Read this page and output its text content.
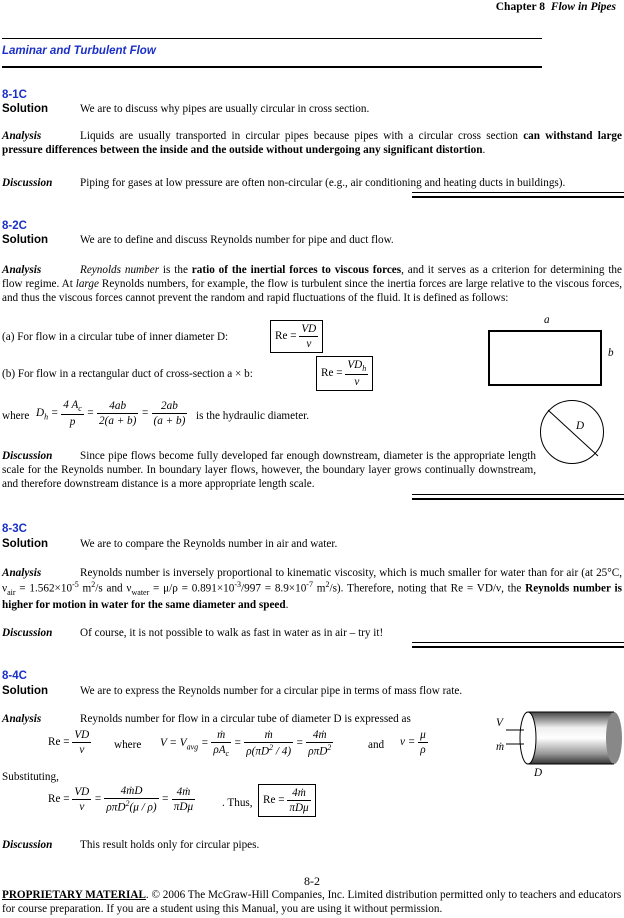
Chapter 8 Flow in Pipes
Laminar and Turbulent Flow
8-1C
Solution	We are to discuss why pipes are usually circular in cross section.
Analysis	Liquids are usually transported in circular pipes because pipes with a circular cross section can withstand large pressure differences between the inside and the outside without undergoing any significant distortion.
Discussion Piping for gases at low pressure are often non-circular (e.g., air conditioning and heating ducts in buildings).
8-2C
Solution	We are to define and discuss Reynolds number for pipe and duct flow.
Analysis	Reynolds number is the ratio of the inertial forces to viscous forces, and it serves as a criterion for determining the flow regime. At large Reynolds numbers, for example, the flow is turbulent since the inertia forces are large relative to the viscous forces, and thus the viscous forces cannot prevent the random and rapid fluctuations of the fluid. It is defined as follows:
(a) For flow in a circular tube of inner diameter D:	$Re = \frac{VD}{\nu}$
(b) For flow in a rectangular duct of cross-section a × b:	Re =
$VD_h$
ν
where $D_h = \frac{4 A_c}{p} = \frac{4ab}{2(a + b)} = \frac{2ab}{(a + b)}$ is the hydraulic diameter.
a
b
D
Discussion Since pipe flows become fully developed far enough downstream, diameter is the appropriate length scale for the Reynolds number. In boundary layer flows, however, the boundary layer grows continually downstream, and therefore downstream distance is a more appropriate length scale.
8-3C
Solution	We are to compare the Reynolds number in air and water.
Analysis	Reynolds number is inversely proportional to kinematic viscosity, which is much smaller for water than for air (at 25°C, $\nu_{air} = 1.562\times 10^{-5}$ $m^2/s$ and $\nu_{water} = \mu/\rho = 0.891\times 10^{-3}/997 = 8.9\times 10^{-7}$ $m^2/s$). Therefore, noting that Re = VD/ν, the Reynolds number is higher for motion in water for the same diameter and speed.
Discussion Of course, it is not possible to walk as fast in water as in air – try it!
8-4C
Solution	We are to express the Reynolds number for a circular pipe in terms of mass flow rate.
Analysis	Reynolds number for flow in a circular tube of diameter D is expressed as
$Re = \frac{VD}{\nu}$ where $V = V_{avg}$ =
ṁ
$\rho A_c$
= $\frac{\text{ṁ}}{\rho(\pi D^2 / 4)}$ =
4ṁ
ρπD$^2$	and $\nu = \frac{\mu}{\rho}$
Substituting,
$Re = \frac{VD}{\nu}$ =
4ṁD
ρπD$^2$(μ / ρ)
=
4ṁ
πDμ	. Thus, Re =
4ṁ
πDμ
V
ṁ
D
Discussion This result holds only for circular pipes.
8-2
PROPRIETARY MATERIAL. © 2006 The McGraw-Hill Companies, Inc. Limited distribution permitted only to teachers and educators for course preparation. If you are a student using this Manual, you are using it without permission.
